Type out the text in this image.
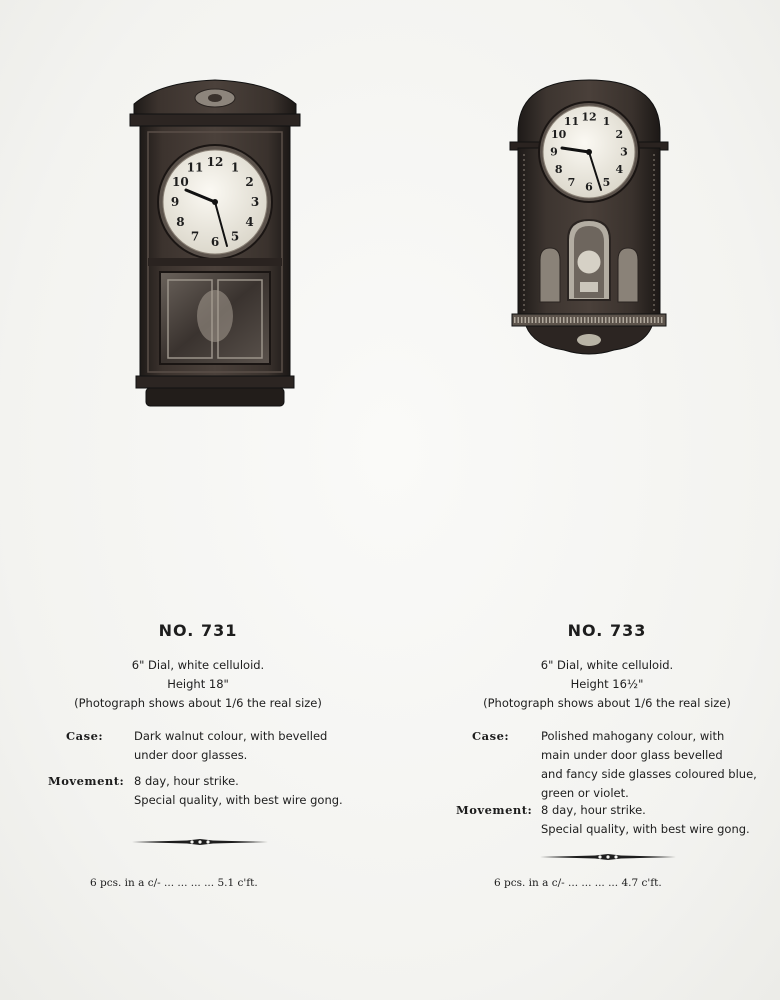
12 1
2
3
4
5
6
7
8
9
10
11
12 1
2
3
4
5
6
7
8
9
10
11
NO. 731
6" Dial, white celluloid.
Height 18"
(Photograph shows about 1/6 the real size)
Case:	Dark walnut colour, with bevelled
under door glasses.
Movement: 8 day, hour strike.
Special quality, with best wire gong.
6 pcs. in a c/- ... ... ... ... 5.1 c'ft.
NO. 733
6" Dial, white celluloid.
Height 16½"
(Photograph shows about 1/6 the real size)
Case:	Polished mahogany colour, with
main under door glass bevelled
and fancy side glasses coloured blue,
green or violet.
Movement: 8 day, hour strike.
Special quality, with best wire gong.
6 pcs. in a c/- ... ... ... ... 4.7 c'ft.
